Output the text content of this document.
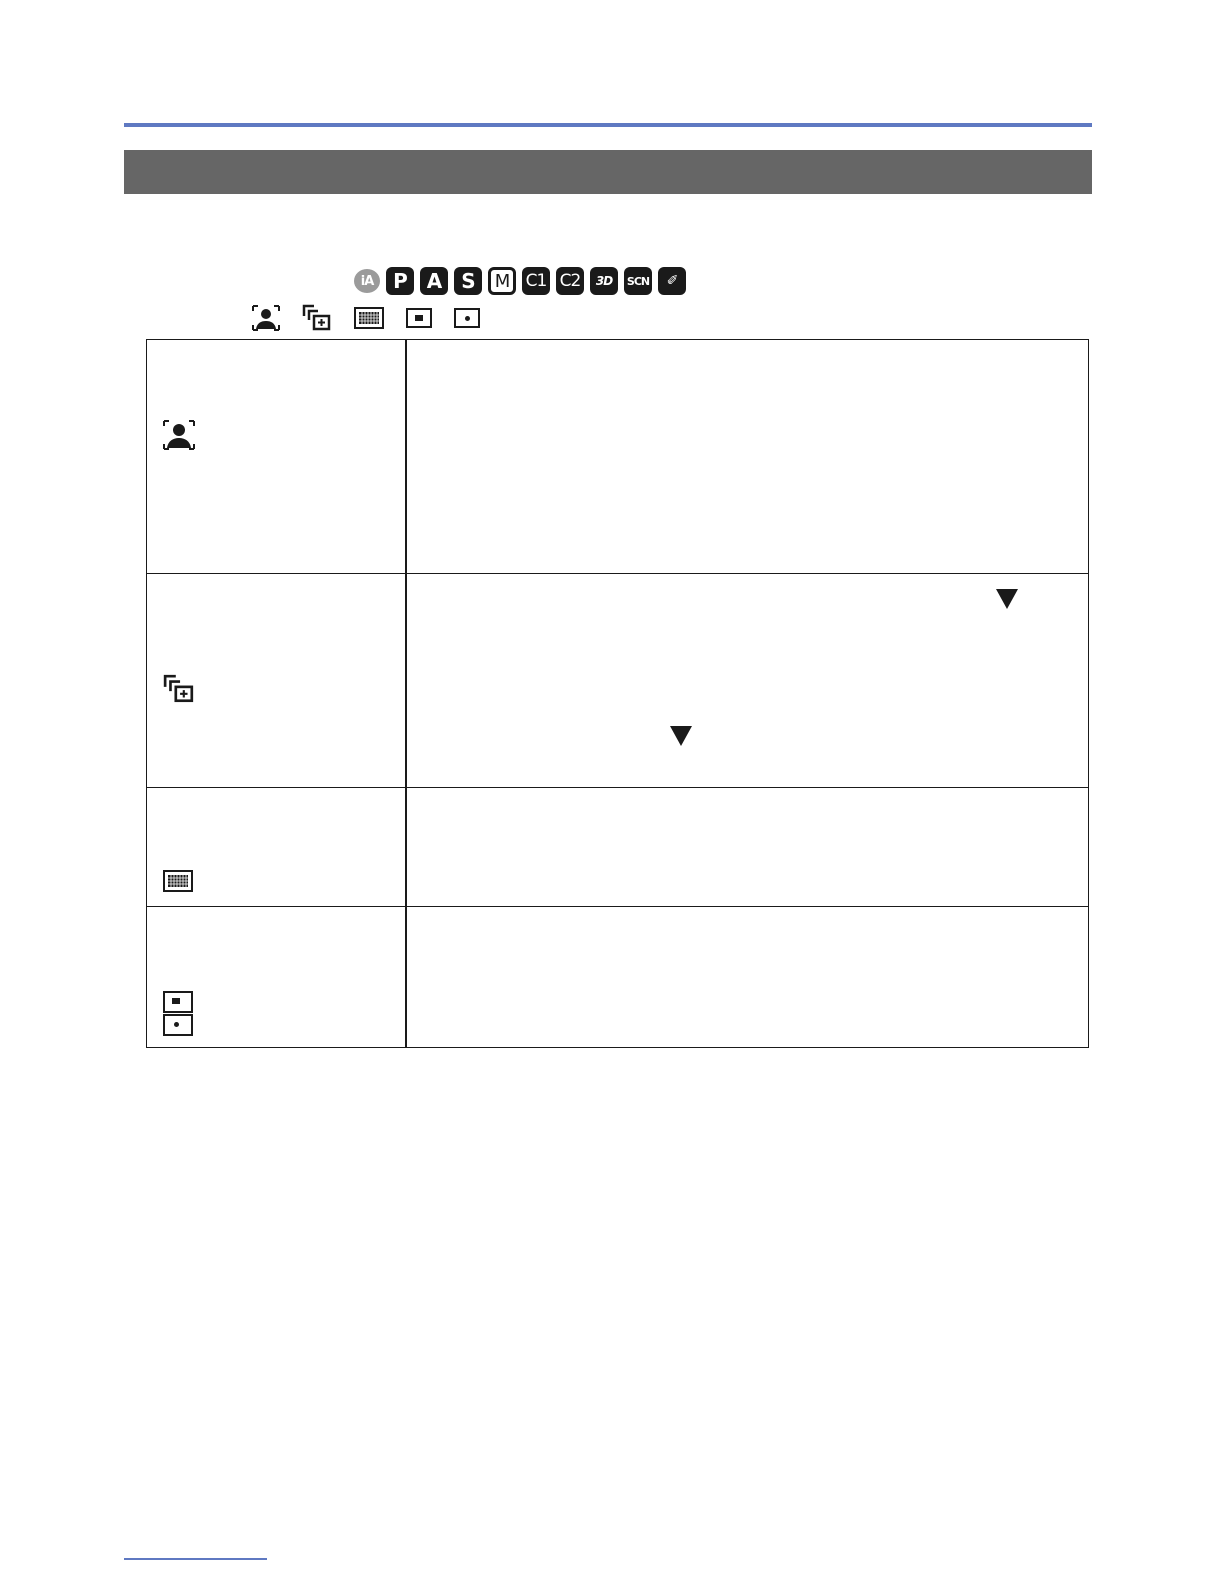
iA P A	S	M C1 C2	3D	SCN	✐
